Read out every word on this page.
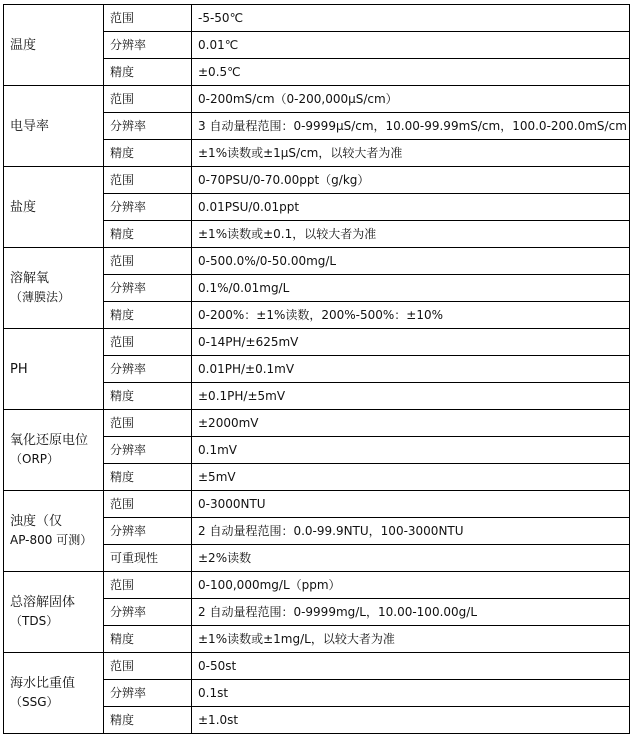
温度	范围	-5-50℃
	分辨率	0.01℃
	精度	±0.5℃

电导率	范围	0-200mS/cm（0-200,000μS/cm）
	分辨率	3 自动量程范围：0-9999μS/cm，10.00-99.99mS/cm，100.0-200.0mS/cm
	精度	±1%读数或±1μS/cm，以较大者为准

盐度	范围	0-70PSU/0-70.00ppt（g/kg）
	分辨率	0.01PSU/0.01ppt
	精度	±1%读数或±0.1，以较大者为准

溶解氧
（薄膜法）	范围	0-500.0%/0-50.00mg/L
	分辨率	0.1%/0.01mg/L
	精度	0-200%：±1%读数，200%-500%：±10%

PH	范围	0-14PH/±625mV
	分辨率	0.01PH/±0.1mV
	精度	±0.1PH/±5mV

氧化还原电位
（ORP）	范围	±2000mV
	分辨率	0.1mV
	精度	±5mV

浊度（仅
AP-800 可测）	范围	0-3000NTU
	分辨率	2 自动量程范围：0.0-99.9NTU，100-3000NTU
	可重现性	±2%读数

总溶解固体
（TDS）	范围	0-100,000mg/L（ppm）
	分辨率	2 自动量程范围：0-9999mg/L，10.00-100.00g/L
	精度	±1%读数或±1mg/L，以较大者为准

海水比重值
（SSG）	范围	0-50st
	分辨率	0.1st
	精度	±1.0st
